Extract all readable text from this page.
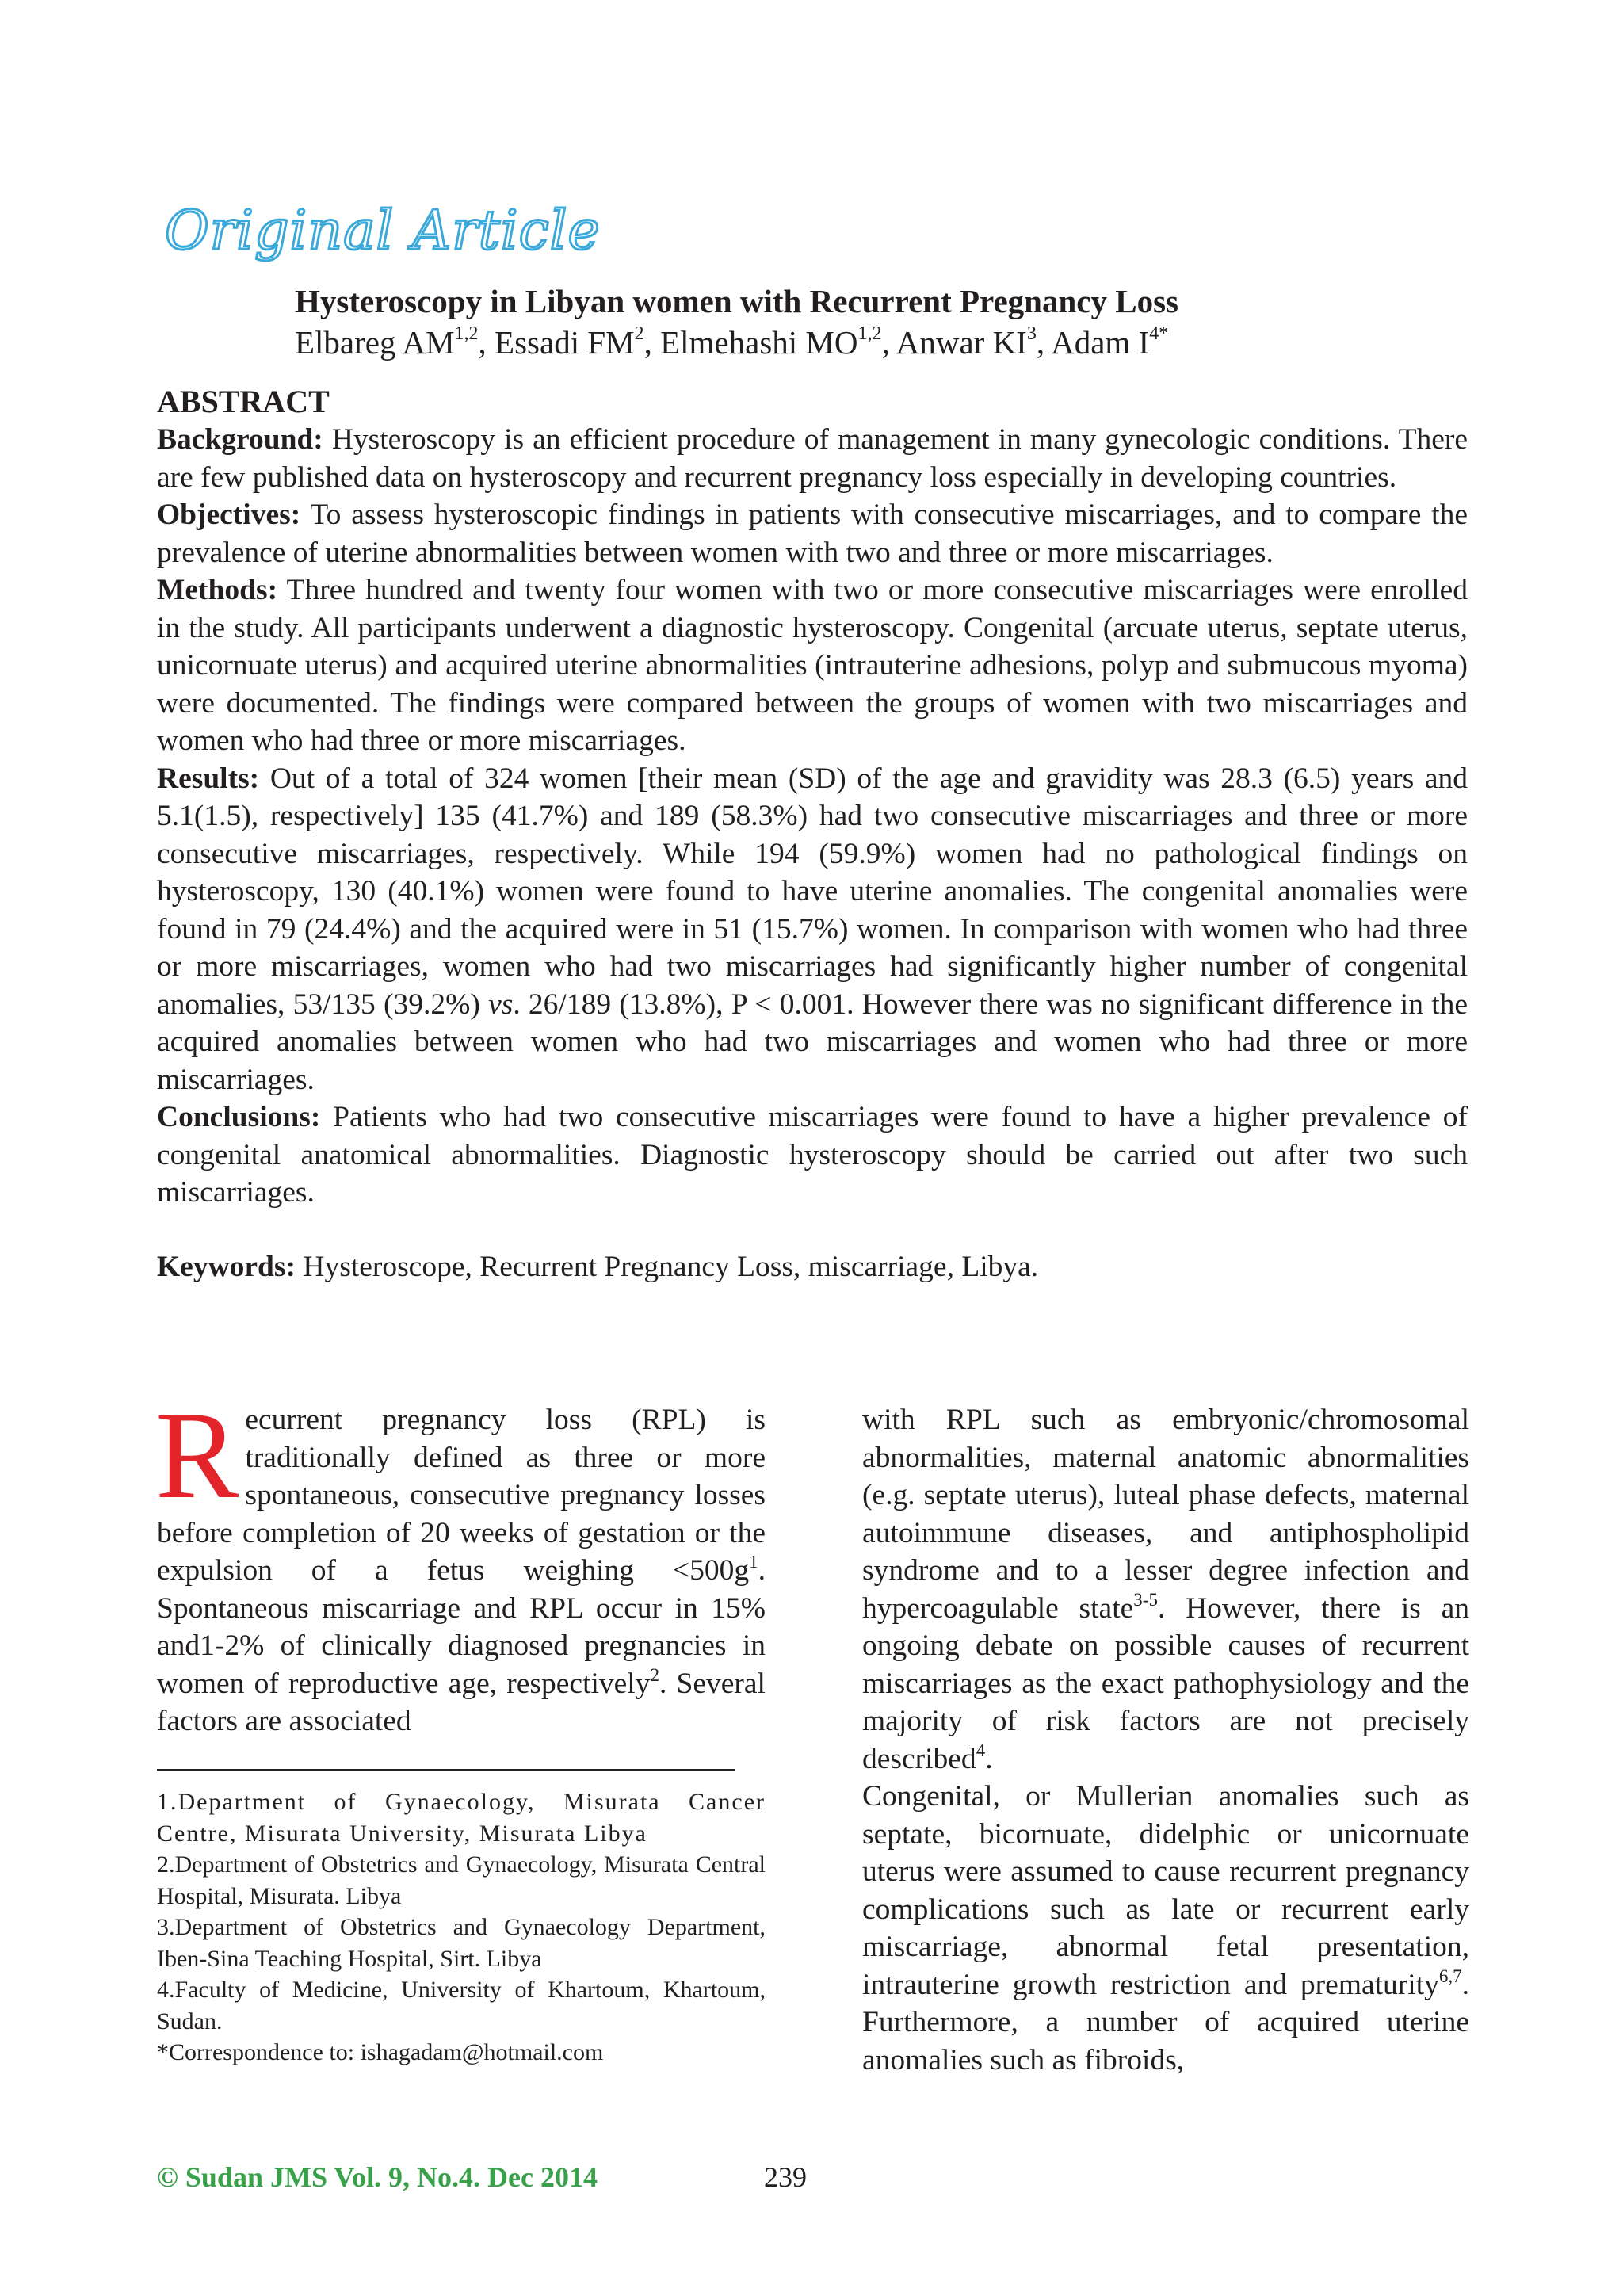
Original Article
Hysteroscopy in Libyan women with Recurrent Pregnancy Loss
Elbareg AM$^{1,2}$, Essadi $FM^2$, Elmehashi MO$^{1,2}$, Anwar $KI^3$, Adam $I^{4*}$
ABSTRACT

Background: Hysteroscopy is an efficient procedure of management in many gynecologic conditions. There are few published data on hysteroscopy and recurrent pregnancy loss especially in developing countries.

Objectives: To assess hysteroscopic findings in patients with consecutive miscarriages, and to compare the prevalence of uterine abnormalities between women with two and three or more miscarriages.

Methods: Three hundred and twenty four women with two or more consecutive miscarriages were enrolled in the study. All participants underwent a diagnostic hysteroscopy. Congenital (arcuate uterus, septate uterus, unicornuate uterus) and acquired uterine abnormalities (intrauterine adhesions, polyp and submucous myoma) were documented. The findings were compared between the groups of women with two miscarriages and women who had three or more miscarriages.

Results: Out of a total of 324 women [their mean (SD) of the age and gravidity was 28.3 (6.5) years and 5.1(1.5), respectively] 135 (41.7%) and 189 (58.3%) had two consecutive miscarriages and three or more consecutive miscarriages, respectively. While 194 (59.9%) women had no pathological findings on hysteroscopy, 130 (40.1%) women were found to have uterine anomalies. The congenital anomalies were found in 79 (24.4%) and the acquired were in 51 (15.7%) women. In comparison with women who had three or more miscarriages, women who had two miscarriages had significantly higher number of congenital anomalies, 53/135 (39.2%) vs. 26/189 (13.8%), P < 0.001. However there was no significant difference in the acquired anomalies between women who had two miscarriages and women who had three or more miscarriages.

Conclusions: Patients who had two consecutive miscarriages were found to have a higher prevalence of congenital anatomical abnormalities. Diagnostic hysteroscopy should be carried out after two such miscarriages.

Keywords: Hysteroscope, Recurrent Pregnancy Loss, miscarriage, Libya.

Recurrent pregnancy loss (RPL) is traditionally defined as three or more spontaneous, consecutive pregnancy losses before completion of 20 weeks of gestation or the expulsion of a fetus weighing $<500g^1$. Spontaneous miscarriage and RPL occur in 15% and1-2% of clinically diagnosed pregnancies in women of reproductive age, respectively$^2$. Several factors are associated

1.Department of Gynaecology, Misurata Cancer Centre, Misurata University, Misurata Libya
2.Department of Obstetrics and Gynaecology, Misurata Central Hospital, Misurata. Libya
3.Department of Obstetrics and Gynaecology Department, Iben-Sina Teaching Hospital, Sirt. Libya
4.Faculty of Medicine, University of Khartoum, Khartoum, Sudan.
*Correspondence to: ishagadam@hotmail.com

with RPL such as embryonic/chromosomal abnormalities, maternal anatomic abnormalities (e.g. septate uterus), luteal phase defects, maternal autoimmune diseases, and antiphospholipid syndrome and to a lesser degree infection and hypercoagulable state$^{3-5}$. However, there is an ongoing debate on possible causes of recurrent miscarriages as the exact pathophysiology and the majority of risk factors are not precisely described$^4$.

Congenital, or Mullerian anomalies such as septate, bicornuate, didelphic or unicornuate uterus were assumed to cause recurrent pregnancy complications such as late or recurrent early miscarriage, abnormal fetal presentation, intrauterine growth restriction and prematurity$^{6,7}$. Furthermore, a number of acquired uterine anomalies such as fibroids,

© Sudan JMS Vol. 9, No.4. Dec 2014	239
